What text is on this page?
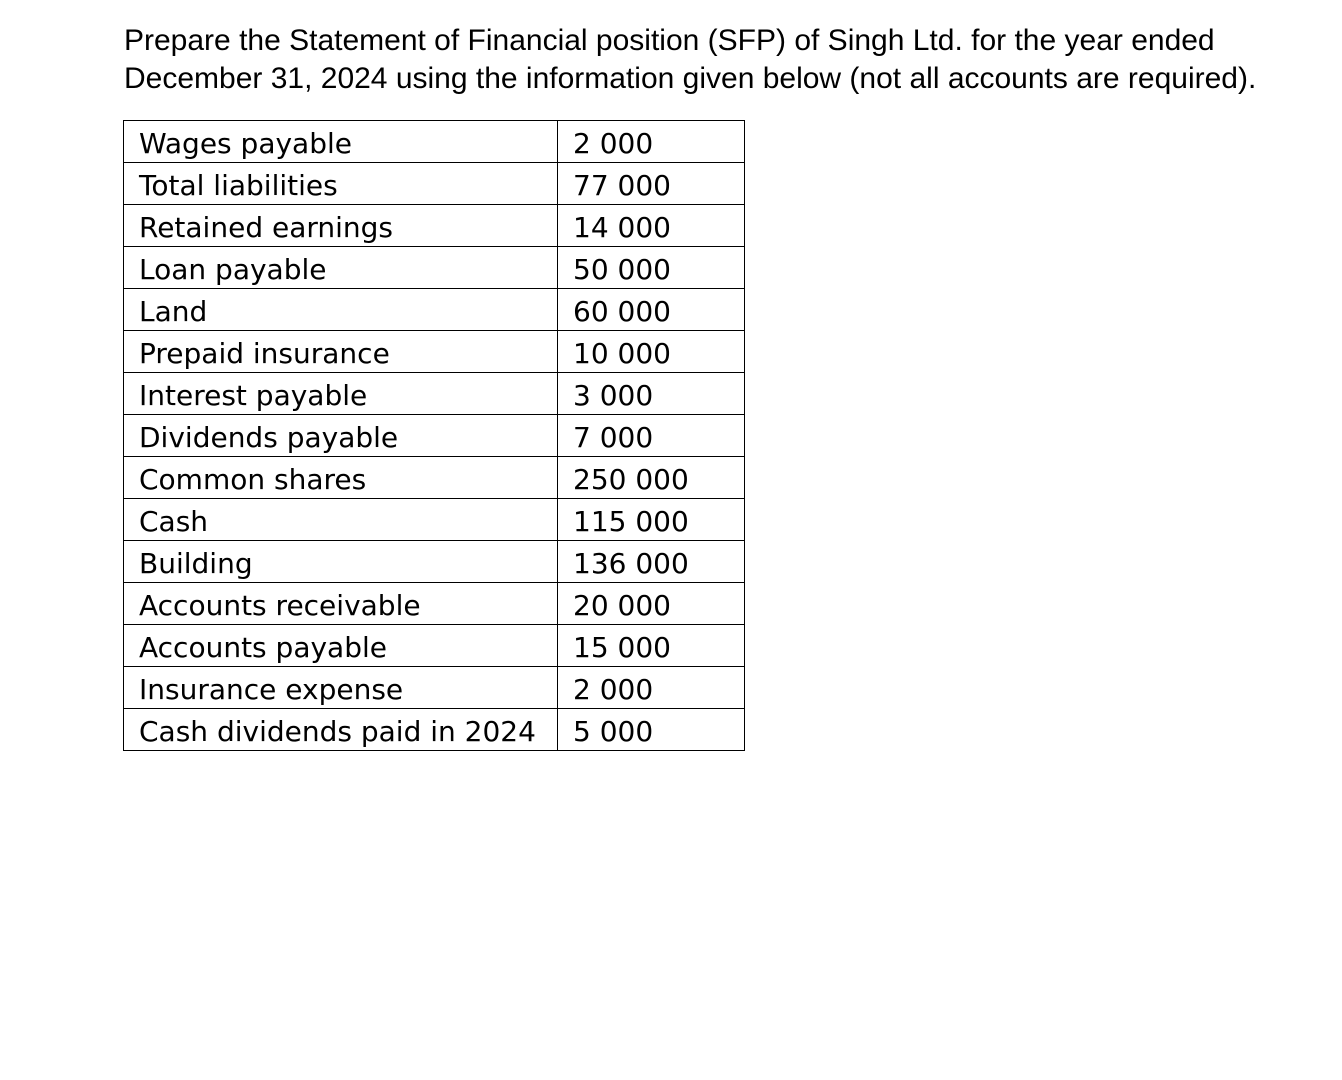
Prepare the Statement of Financial position (SFP) of Singh Ltd. for the year ended
December 31, 2024 using the information given below (not all accounts are required).

Wages payable	2 000
Total liabilities	77 000
Retained earnings	14 000
Loan payable	50 000
Land	60 000
Prepaid insurance	10 000
Interest payable	3 000
Dividends payable	7 000
Common shares	250 000
Cash	115 000
Building	136 000
Accounts receivable	20 000
Accounts payable	15 000
Insurance expense	2 000
Cash dividends paid in 2024	5 000
